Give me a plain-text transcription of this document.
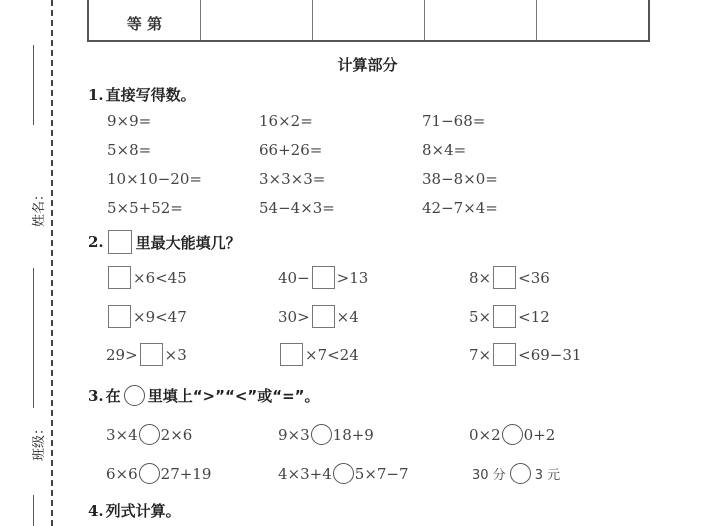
姓名：
班级：
等 第				
计算部分
1. 直接写得数。
9×9=	16×2=	71−68=
5×8=	66+26=	8×4=
10×10−20=	3×3×3=	38−8×0=
5×5+52=	54−4×3=	42−7×4=
2. 里最大能填几？
×6<45	40− >13	8× <36
×9<47	30> ×4	5× <12
29> ×3	×7<24	7× <69−31
3. 在 里填上“>”“<”或“=”。
3×4 2×6	9×3 18+9	0×2 0+2
6×6 27+19	4×3+4 5×7−7	30 分 3 元
4. 列式计算。
